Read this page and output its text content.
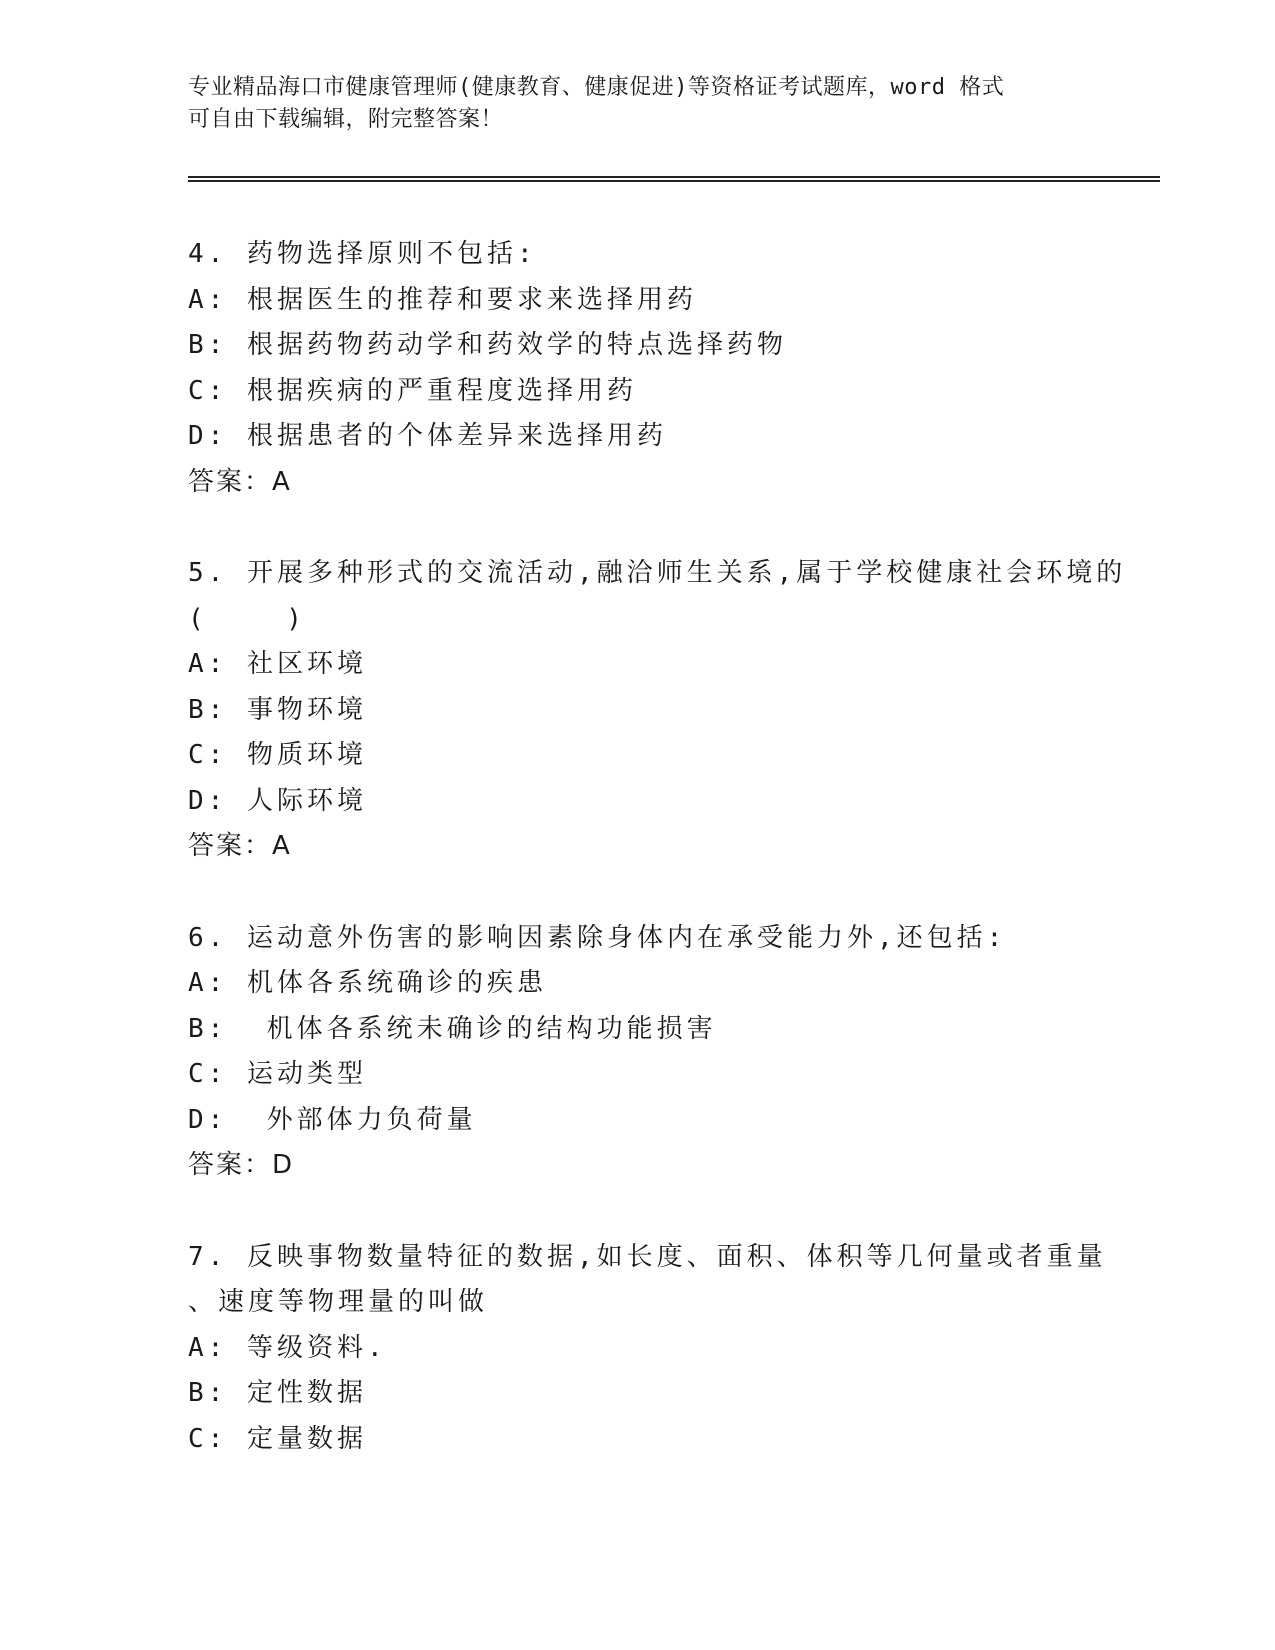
专业精品海口市健康管理师(健康教育、健康促进)等资格证考试题库，word 格式
可自由下载编辑，附完整答案！
4. 药物选择原则不包括:
A: 根据医生的推荐和要求来选择用药
B: 根据药物药动学和药效学的特点选择药物
C: 根据疾病的严重程度选择用药
D: 根据患者的个体差异来选择用药
答案：A
5. 开展多种形式的交流活动,融洽师生关系,属于学校健康社会环境的
(    )
A: 社区环境
B: 事物环境
C: 物质环境
D: 人际环境
答案：A
6. 运动意外伤害的影响因素除身体内在承受能力外,还包括:
A: 机体各系统确诊的疾患
B:  机体各系统未确诊的结构功能损害
C: 运动类型
D:  外部体力负荷量
答案：D
7. 反映事物数量特征的数据,如长度、面积、体积等几何量或者重量
、速度等物理量的叫做
A: 等级资料.
B: 定性数据
C: 定量数据
